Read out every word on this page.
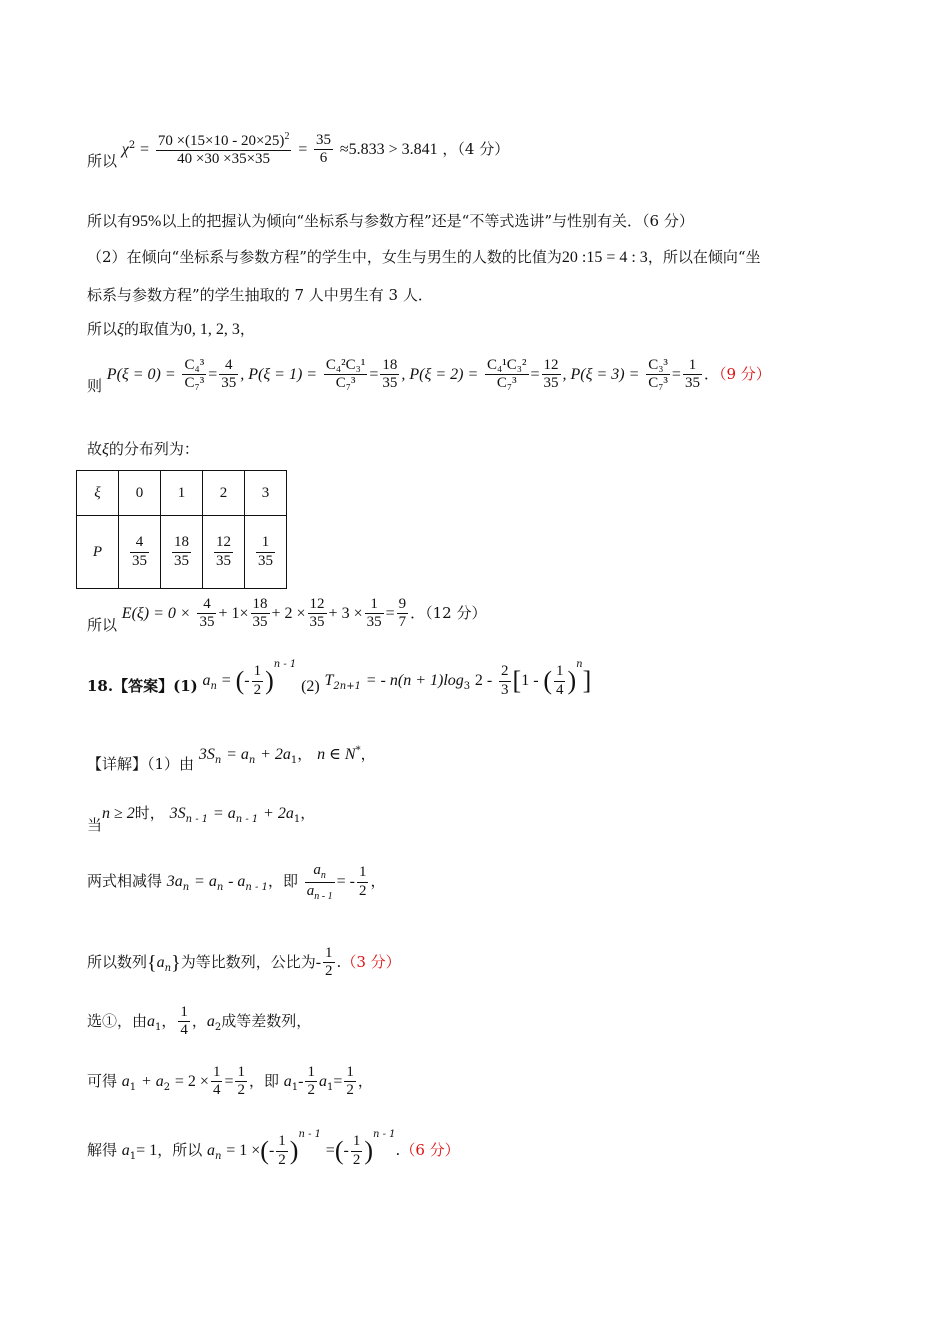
所以 $\chi^2 = \frac{70 \times(15\times 10 - 20\times 25)^2}{40 \times 30 \times 35\times 35} = \frac{35}{6} \approx 5.833 > 3.841$ ，（4 分）
所以有95%以上的把握认为倾向“坐标系与参数方程”还是“不等式选讲”与性别有关．（6 分）
（2）在倾向“坐标系与参数方程”的学生中，女生与男生的人数的比值为20 :15 = 4 : 3，所以在倾向“坐
标系与参数方程”的学生抽取的 7 人中男生有 3 人．
所以ξ的取值为0, 1, 2, 3，
则 $P(\xi = 0) = \frac{\text{C₄³}}{\text{C₇³}} = \frac{4}{35}$ , $P(\xi = 1) = \frac{\text{C₄²C₃¹}}{\text{C₇³}} = \frac{18}{35}$ , $P(\xi = 2) = \frac{\text{C₄¹C₃²}}{\text{C₇³}} = \frac{12}{35}$ , $P(\xi = 3) = \frac{\text{C₃³}}{\text{C₇³}} = \frac{1}{35}$ ．（9 分）
故ξ的分布列为：
ξ	0	1	2	3
P	$\frac{4}{35}$	$\frac{18}{35}$	$\frac{12}{35}$	$\frac{1}{35}$
所以 $E(\xi) = 0 \times \frac{4}{35} + 1\times \frac{18}{35} + 2 \times \frac{12}{35} + 3 \times \frac{1}{35} = \frac{9}{7}$ ．（12 分）
18.【答案】(1) $a_n$ = (- $\frac{1}{2} )^{n - 1}$ (2) $T_{2n+1}$ = - $n(n + 1)\log_3$ $2 - \frac{2}{3} [1$ - ( $\frac{1}{4} )^n$]
【详解】（1）由 $3S_n = a_n + 2a_1$， n ∈ N*，
当n ≥ 2时， $3S_{n - 1} = a_{n - 1} + 2a_1$，
两式相减得 $3a_n = a_n - a_{n - 1}$，即 $\frac{a_n}{a_{n - 1}}$ = - $\frac{1}{2}$ ，
所以数列$\{a_n\}$为等比数列，公比为- $\frac{1}{2} .(3$ 分）
选①，由$a_1$， $\frac{1}{4}$ ，$a_2$成等差数列，
可得 $a_1 + a_2 = 2 \times \frac{1}{4} = \frac{1}{2}$ ，即 $a_1- \frac{1}{2} a_1= \frac{1}{2}$ ，
解得 $a_1= 1$，所以 $a_n = 1$ ×(- $\frac{1}{2} )^{n - 1}$ =(- $\frac{1}{2} )^{n - 1}.(6$ 分）
